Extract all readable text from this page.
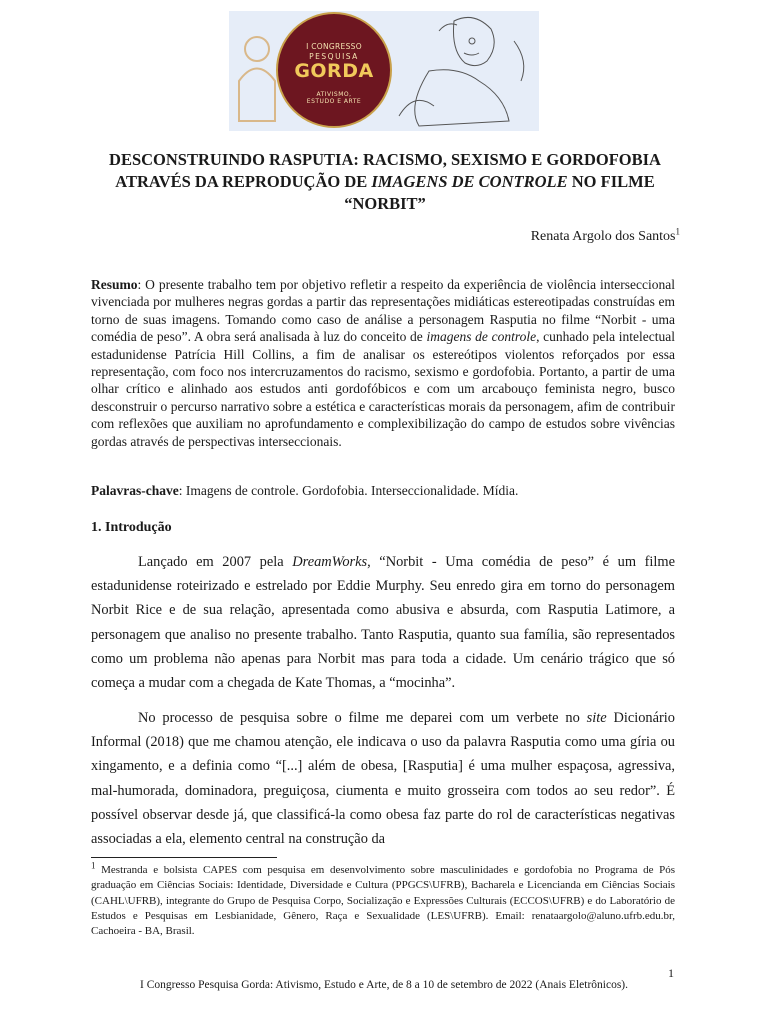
I CONGRESSO
PESQUISA
GORDA
ATIVISMO,
ESTUDO E ARTE
DESCONSTRUINDO RASPUTIA: RACISMO, SEXISMO E GORDOFOBIA ATRAVÉS DA REPRODUÇÃO DE IMAGENS DE CONTROLE NO FILME “NORBIT”
Renata Argolo dos Santos$^1$

Resumo: O presente trabalho tem por objetivo refletir a respeito da experiência de violência interseccional vivenciada por mulheres negras gordas a partir das representações midiáticas estereotipadas construídas em torno de suas imagens. Tomando como caso de análise a personagem Rasputia no filme “Norbit - uma comédia de peso”. A obra será analisada à luz do conceito de imagens de controle, cunhado pela intelectual estadunidense Patrícia Hill Collins, a fim de analisar os estereótipos violentos reforçados por essa representação, com foco nos intercruzamentos do racismo, sexismo e gordofobia. Portanto, a partir de uma olhar crítico e alinhado aos estudos anti gordofóbicos e com um arcabouço feminista negro, busco desconstruir o percurso narrativo sobre a estética e características morais da personagem, afim de contribuir com reflexões que auxiliam no aprofundamento e complexibilização do campo de estudos sobre vivências gordas através de perspectivas interseccionais.

Palavras-chave: Imagens de controle. Gordofobia. Interseccionalidade. Mídia.

1. Introdução

Lançado em 2007 pela DreamWorks, “Norbit - Uma comédia de peso” é um filme estadunidense roteirizado e estrelado por Eddie Murphy. Seu enredo gira em torno do personagem Norbit Rice e de sua relação, apresentada como abusiva e absurda, com Rasputia Latimore, a personagem que analiso no presente trabalho. Tanto Rasputia, quanto sua família, são representados como um problema não apenas para Norbit mas para toda a cidade. Um cenário trágico que só começa a mudar com a chegada de Kate Thomas, a “mocinha”.

No processo de pesquisa sobre o filme me deparei com um verbete no site Dicionário Informal (2018) que me chamou atenção, ele indicava o uso da palavra Rasputia como uma gíria ou xingamento, e a definia como “[...] além de obesa, [Rasputia] é uma mulher espaçosa, agressiva, mal-humorada, dominadora, preguiçosa, ciumenta e muito grosseira com todos ao seu redor”. É possível observar desde já, que classificá-la como obesa faz parte do rol de características negativas associadas a ela, elemento central na construção da

$^1$ Mestranda e bolsista CAPES com pesquisa em desenvolvimento sobre masculinidades e gordofobia no Programa de Pós graduação em Ciências Sociais: Identidade, Diversidade e Cultura (PPGCS\UFRB), Bacharela e Licencianda em Ciências Sociais (CAHL\UFRB), integrante do Grupo de Pesquisa Corpo, Socialização e Expressões Culturais (ECCOS\UFRB) e do Laboratório de Estudos e Pesquisas em Lesbianidade, Gênero, Raça e Sexualidade (LES\UFRB). Email: renataargolo@aluno.ufrb.edu.br, Cachoeira - BA, Brasil.

1
I Congresso Pesquisa Gorda: Ativismo, Estudo e Arte, de 8 a 10 de setembro de 2022 (Anais Eletrônicos).
